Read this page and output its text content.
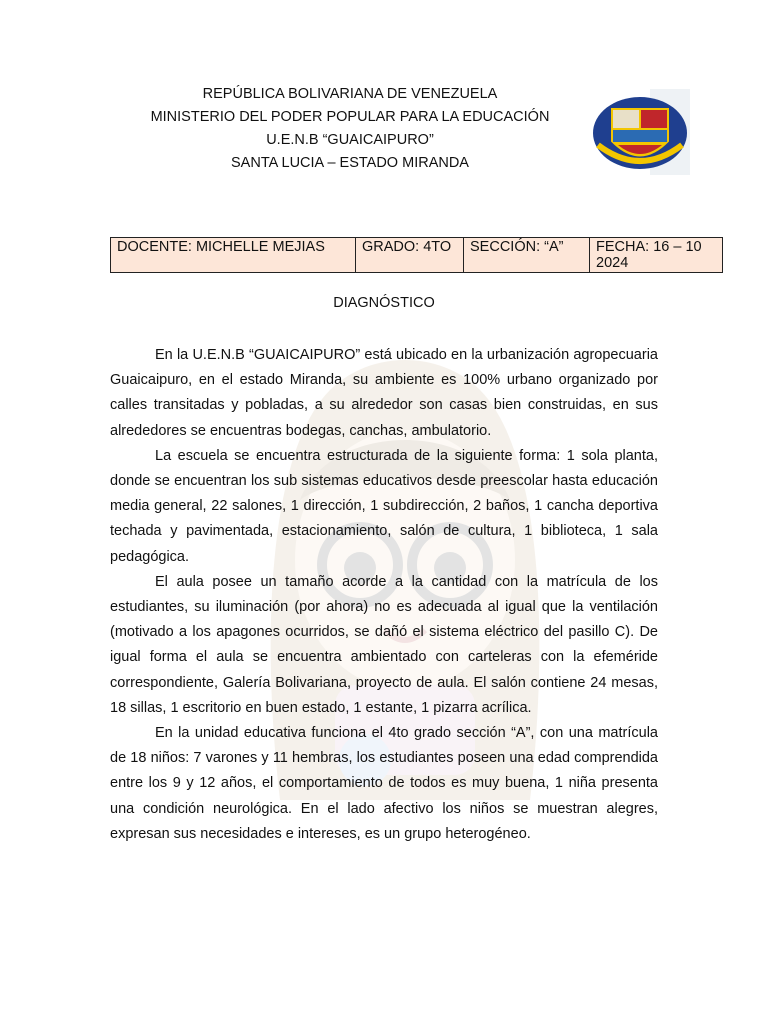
REPÚBLICA BOLIVARIANA DE VENEZUELA
MINISTERIO DEL PODER POPULAR PARA LA EDUCACIÓN
U.E.N.B “GUAICAIPURO”
SANTA LUCIA – ESTADO MIRANDA	. . . . . . .
DOCENTE: MICHELLE MEJIAS	GRADO: 4TO	SECCIÓN: “A”	FECHA: 16 – 10
2024
DIAGNÓSTICO

En la U.E.N.B “GUAICAIPURO” está ubicado en la urbanización agropecuaria Guaicaipuro, en el estado Miranda, su ambiente es 100% urbano organizado por calles transitadas y pobladas, a su alrededor son casas bien construidas, en sus alrededores se encuentras bodegas, canchas, ambulatorio.

La escuela se encuentra estructurada de la siguiente forma: 1 sola planta, donde se encuentran los sub sistemas educativos desde preescolar hasta educación media general, 22 salones, 1 dirección, 1 subdirección, 2 baños, 1 cancha deportiva techada y pavimentada, estacionamiento, salón de cultura, 1 biblioteca, 1 sala pedagógica.

El aula posee un tamaño acorde a la cantidad con la matrícula de los estudiantes, su iluminación (por ahora) no es adecuada al igual que la ventilación (motivado a los apagones ocurridos, se dañó el sistema eléctrico del pasillo C). De igual forma el aula se encuentra ambientado con carteleras con la efeméride correspondiente, Galería Bolivariana, proyecto de aula. El salón contiene 24 mesas, 18 sillas, 1 escritorio en buen estado, 1 estante, 1 pizarra acrílica.

En la unidad educativa funciona el 4to grado sección “A”, con una matrícula de 18 niños: 7 varones y 11 hembras, los estudiantes poseen una edad comprendida entre los 9 y 12 años, el comportamiento de todos es muy buena, 1 niña presenta una condición neurológica. En el lado afectivo los niños se muestran alegres, expresan sus necesidades e intereses, es un grupo heterogéneo.
